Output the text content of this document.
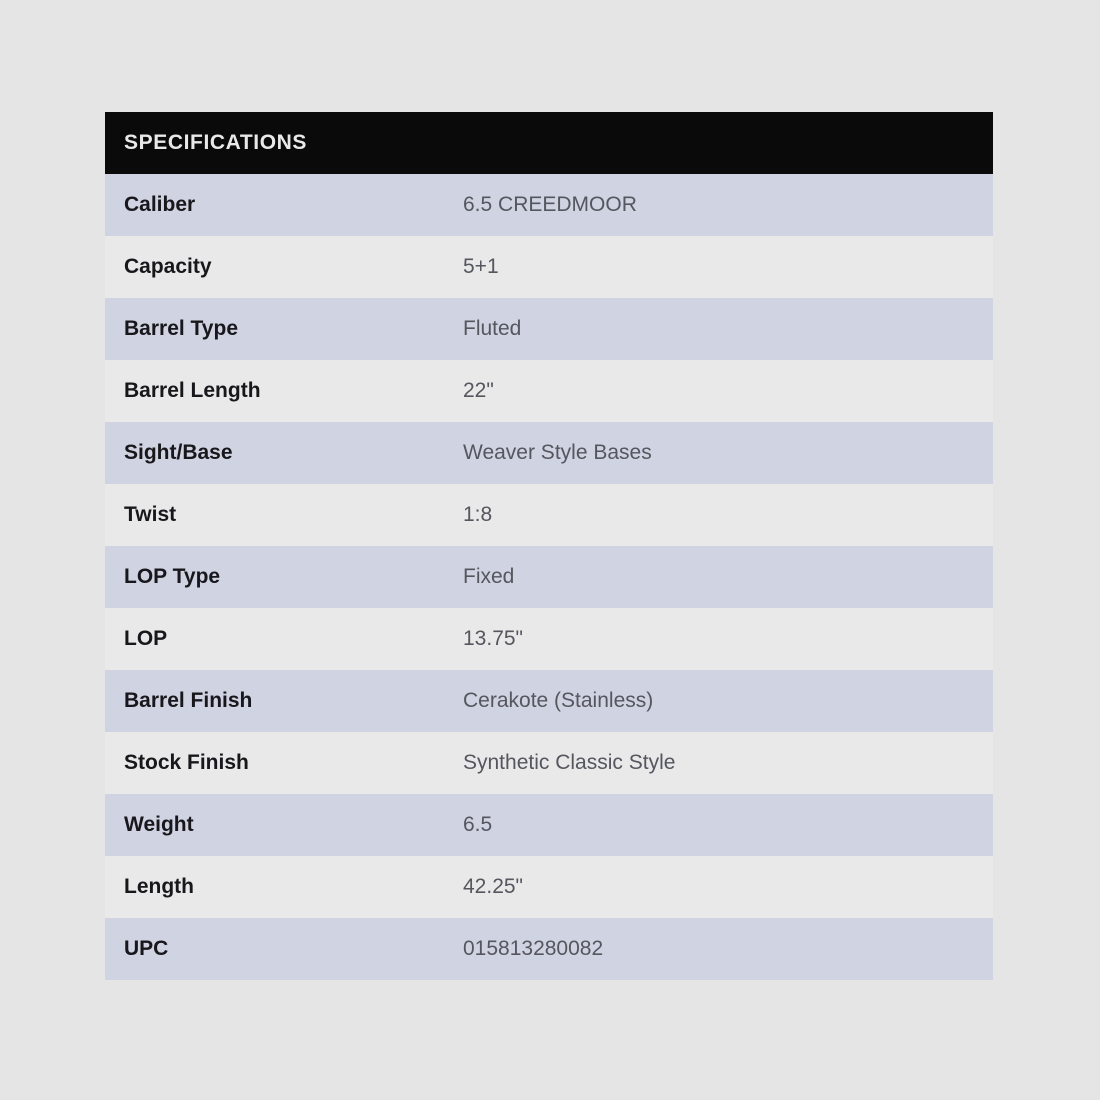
SPECIFICATIONS
Caliber	6.5 CREEDMOOR
Capacity	5+1
Barrel Type	Fluted
Barrel Length	22"
Sight/Base	Weaver Style Bases
Twist	1:8
LOP Type	Fixed
LOP	13.75"
Barrel Finish	Cerakote (Stainless)
Stock Finish	Synthetic Classic Style
Weight	6.5
Length	42.25"
UPC	015813280082
